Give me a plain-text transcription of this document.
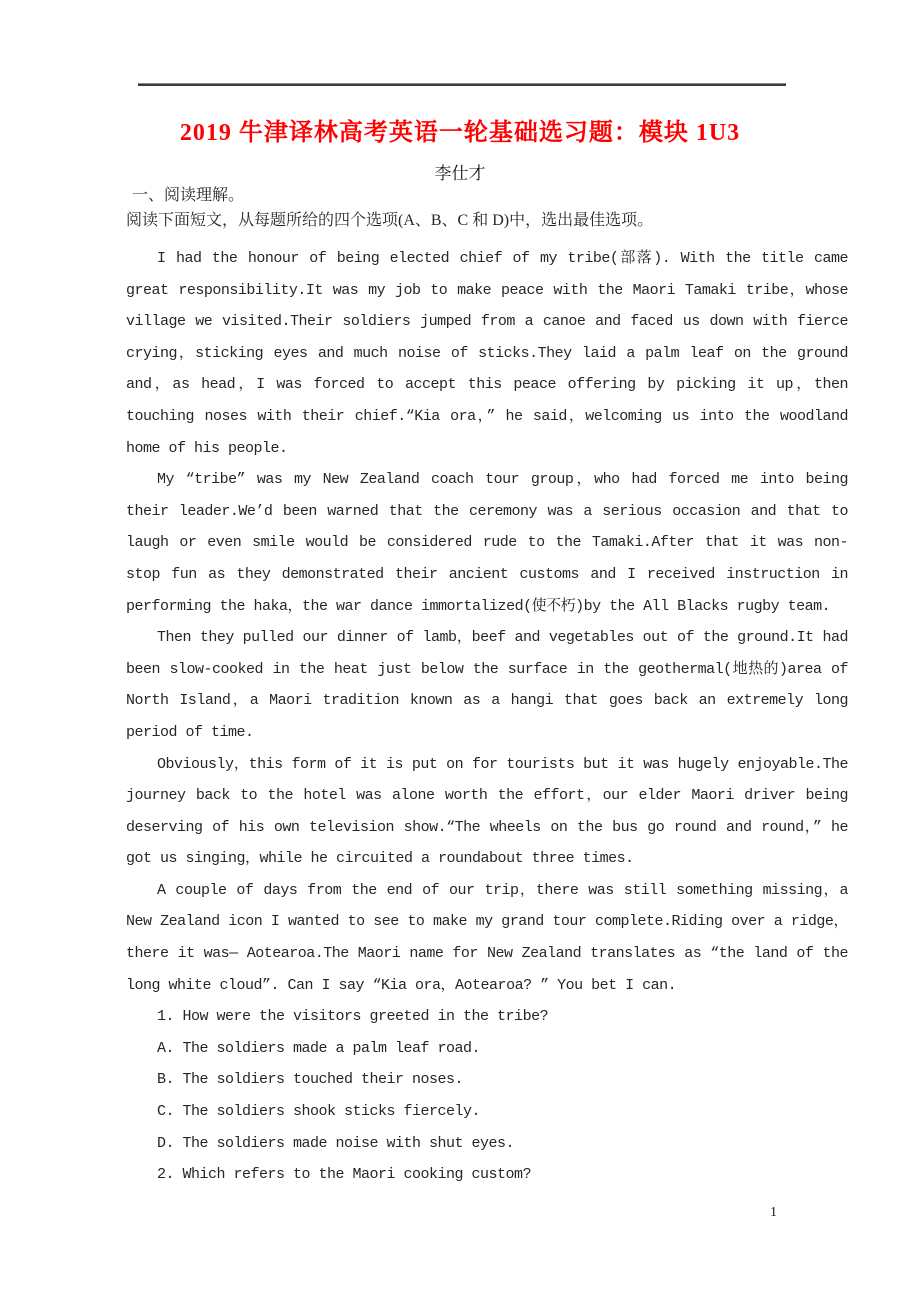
2019 牛津译林高考英语一轮基础选习题：模块 1U3
李仕才
一、阅读理解。
阅读下面短文，从每题所给的四个选项(A、B、C 和 D)中，选出最佳选项。

I had the honour of being elected chief of my tribe(部落). With the title came great responsibility.It was my job to make peace with the Maori Tamaki tribe，whose village we visited.Their soldiers jumped from a canoe and faced us down with fierce crying，sticking eyes and much noise of sticks.They laid a palm leaf on the ground and，as head，I was forced to accept this peace offering by picking it up，then touching noses with their chief.“Kia ora，” he said，welcoming us into the woodland home of his people.

My “tribe” was my New Zealand coach tour group，who had forced me into being their leader.We’d been warned that the ceremony was a serious occasion and that to laugh or even smile would be considered rude to the Tamaki.After that it was non-stop fun as they demonstrated their ancient customs and I received instruction in performing the haka，the war dance immortalized(使不朽)by the All Blacks rugby team.

Then they pulled our dinner of lamb，beef and vegetables out of the ground.It had been slow-cooked in the heat just below the surface in the geothermal(地热的)area of North Island，a Maori tradition known as a hangi that goes back an extremely long period of time.

Obviously，this form of it is put on for tourists but it was hugely enjoyable.The journey back to the hotel was alone worth the effort，our elder Maori driver being deserving of his own television show.“The wheels on the bus go round and round，” he got us singing，while he circuited a roundabout three times.

A couple of days from the end of our trip，there was still something missing，a New Zealand icon I wanted to see to make my grand tour complete.Riding over a ridge，there it was— Aotearoa.The Maori name for New Zealand translates as “the land of the long white cloud”. Can I say “Kia ora，Aotearoa? ” You bet I can.

1. How were the visitors greeted in the tribe?
A. The soldiers made a palm leaf road.
B. The soldiers touched their noses.
C. The soldiers shook sticks fiercely.
D. The soldiers made noise with shut eyes.
2. Which refers to the Maori cooking custom?
1
